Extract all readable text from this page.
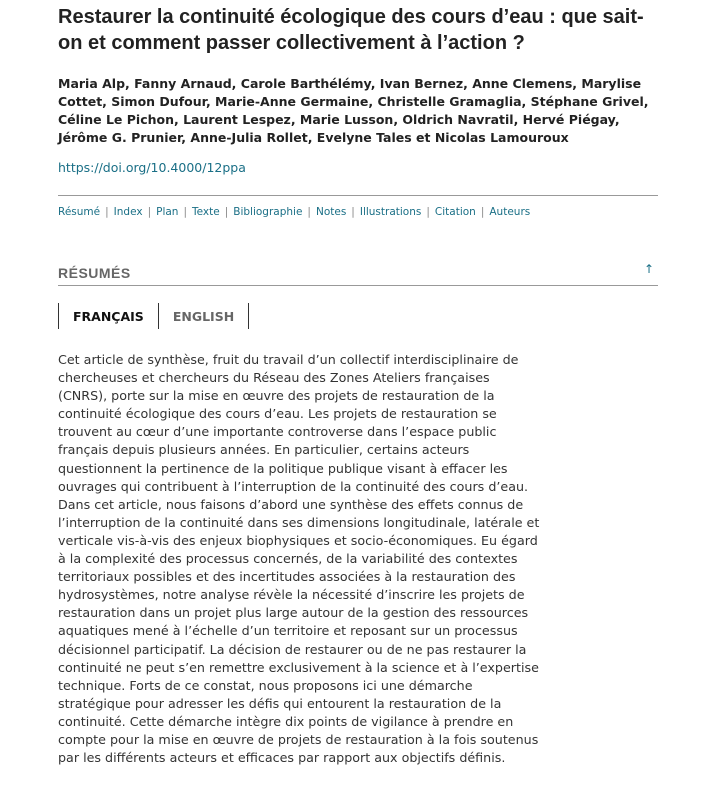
Restaurer la continuité écologique des cours d’eau : que sait-on et comment passer collectivement à l’action ?

Maria Alp, Fanny Arnaud, Carole Barthélémy, Ivan Bernez, Anne Clemens, Marylise Cottet, Simon Dufour, Marie-Anne Germaine, Christelle Gramaglia, Stéphane Grivel, Céline Le Pichon, Laurent Lespez, Marie Lusson, Oldrich Navratil, Hervé Piégay, Jérôme G. Prunier, Anne-Julia Rollet, Evelyne Tales et Nicolas Lamouroux

https://doi.org/10.4000/12ppa
Résumé | Index | Plan | Texte | Bibliographie | Notes | Illustrations | Citation | Auteurs
RÉSUMÉS	↑
FRANÇAIS	ENGLISH

Cet article de synthèse, fruit du travail d’un collectif interdisciplinaire de chercheuses et chercheurs du Réseau des Zones Ateliers françaises (CNRS), porte sur la mise en œuvre des projets de restauration de la continuité écologique des cours d’eau. Les projets de restauration se trouvent au cœur d’une importante controverse dans l’espace public français depuis plusieurs années. En particulier, certains acteurs questionnent la pertinence de la politique publique visant à effacer les ouvrages qui contribuent à l’interruption de la continuité des cours d’eau. Dans cet article, nous faisons d’abord une synthèse des effets connus de l’interruption de la continuité dans ses dimensions longitudinale, latérale et verticale vis-à-vis des enjeux biophysiques et socio-économiques. Eu égard à la complexité des processus concernés, de la variabilité des contextes territoriaux possibles et des incertitudes associées à la restauration des hydrosystèmes, notre analyse révèle la nécessité d’inscrire les projets de restauration dans un projet plus large autour de la gestion des ressources aquatiques mené à l’échelle d’un territoire et reposant sur un processus décisionnel participatif. La décision de restaurer ou de ne pas restaurer la continuité ne peut s’en remettre exclusivement à la science et à l’expertise technique. Forts de ce constat, nous proposons ici une démarche stratégique pour adresser les défis qui entourent la restauration de la continuité. Cette démarche intègre dix points de vigilance à prendre en compte pour la mise en œuvre de projets de restauration à la fois soutenus par les différents acteurs et efficaces par rapport aux objectifs définis.
